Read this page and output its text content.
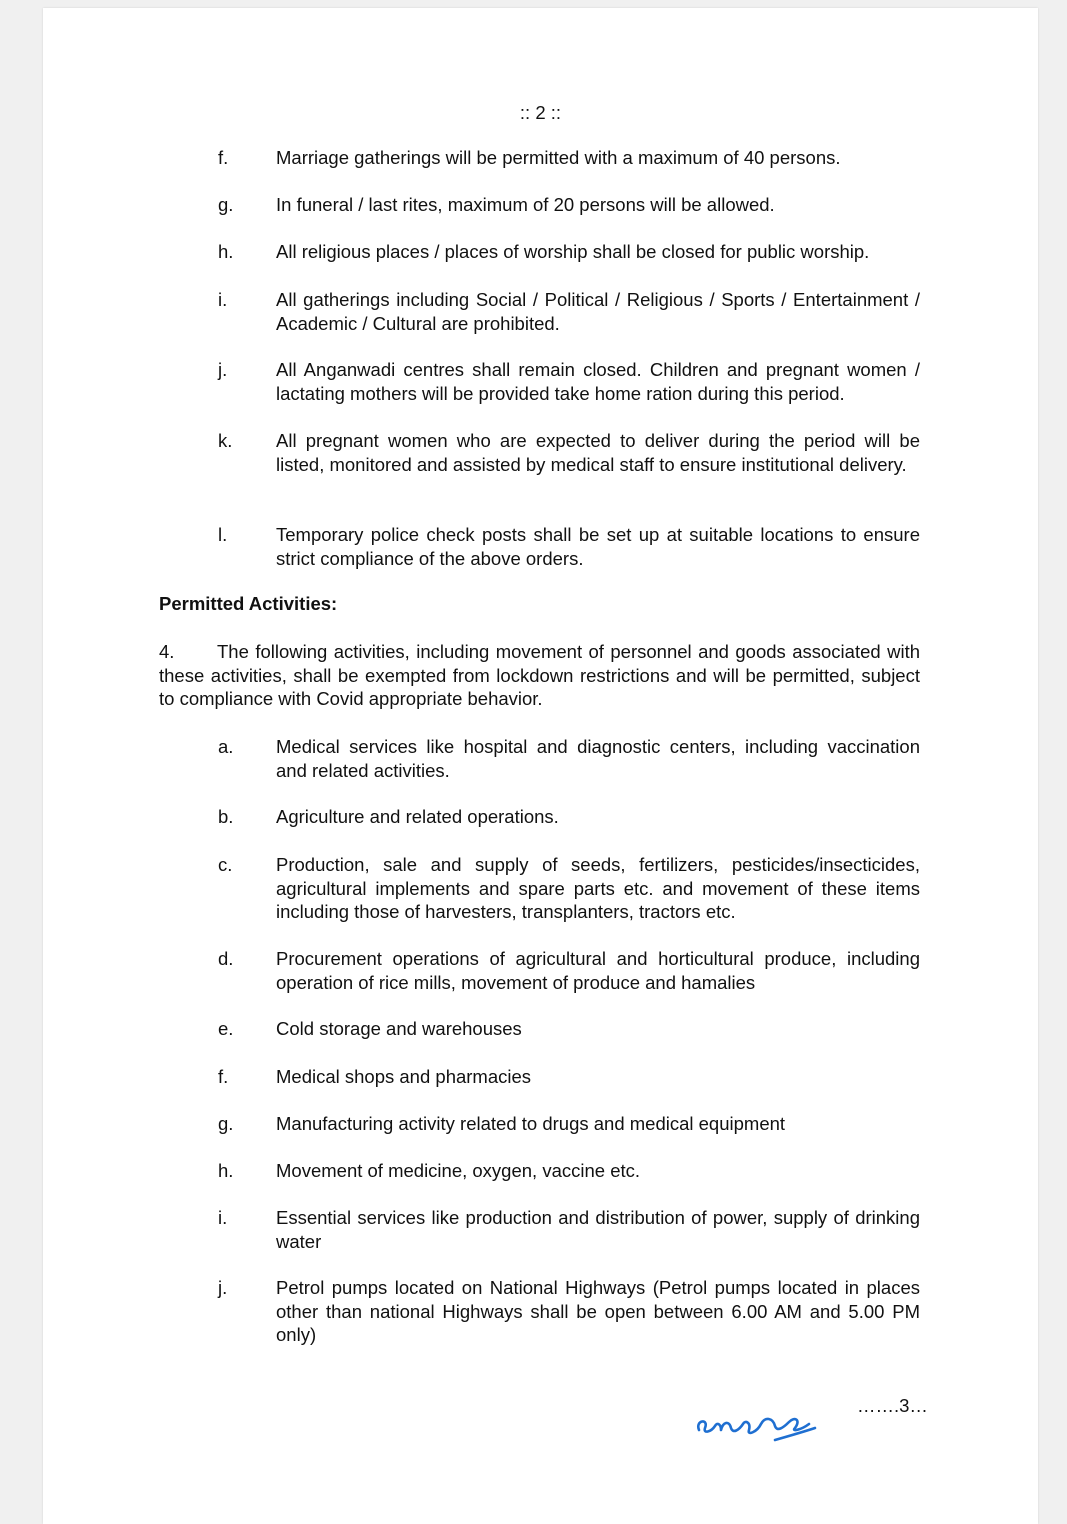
:: 2 ::
f.	Marriage gatherings will be permitted with a maximum of 40 persons.
g. In funeral / last rites, maximum of 20 persons will be allowed.
h. All religious places / places of worship shall be closed for public worship.
i.	All gatherings including Social / Political / Religious / Sports / Entertainment / Academic / Cultural are prohibited.
j.	All Anganwadi centres shall remain closed. Children and pregnant women / lactating mothers will be provided take home ration during this period.
k. All pregnant women who are expected to deliver during the period will be listed, monitored and assisted by medical staff to ensure institutional delivery.
l.	Temporary police check posts shall be set up at suitable locations to ensure strict compliance of the above orders.
Permitted Activities:
4. The following activities, including movement of personnel and goods associated with these activities, shall be exempted from lockdown restrictions and will be permitted, subject to compliance with Covid appropriate behavior.
a. Medical services like hospital and diagnostic centers, including vaccination and related activities.
b. Agriculture and related operations.
c. Production, sale and supply of seeds, fertilizers, pesticides/insecticides, agricultural implements and spare parts etc. and movement of these items including those of harvesters, transplanters, tractors etc.
d. Procurement operations of agricultural and horticultural produce, including operation of rice mills, movement of produce and hamalies
e. Cold storage and warehouses
f.	Medical shops and pharmacies
g. Manufacturing activity related to drugs and medical equipment
h. Movement of medicine, oxygen, vaccine etc.
i.	Essential services like production and distribution of power, supply of drinking water
j.	Petrol pumps located on National Highways (Petrol pumps located in places other than national Highways shall be open between 6.00 AM and 5.00 PM only)
…….3…
